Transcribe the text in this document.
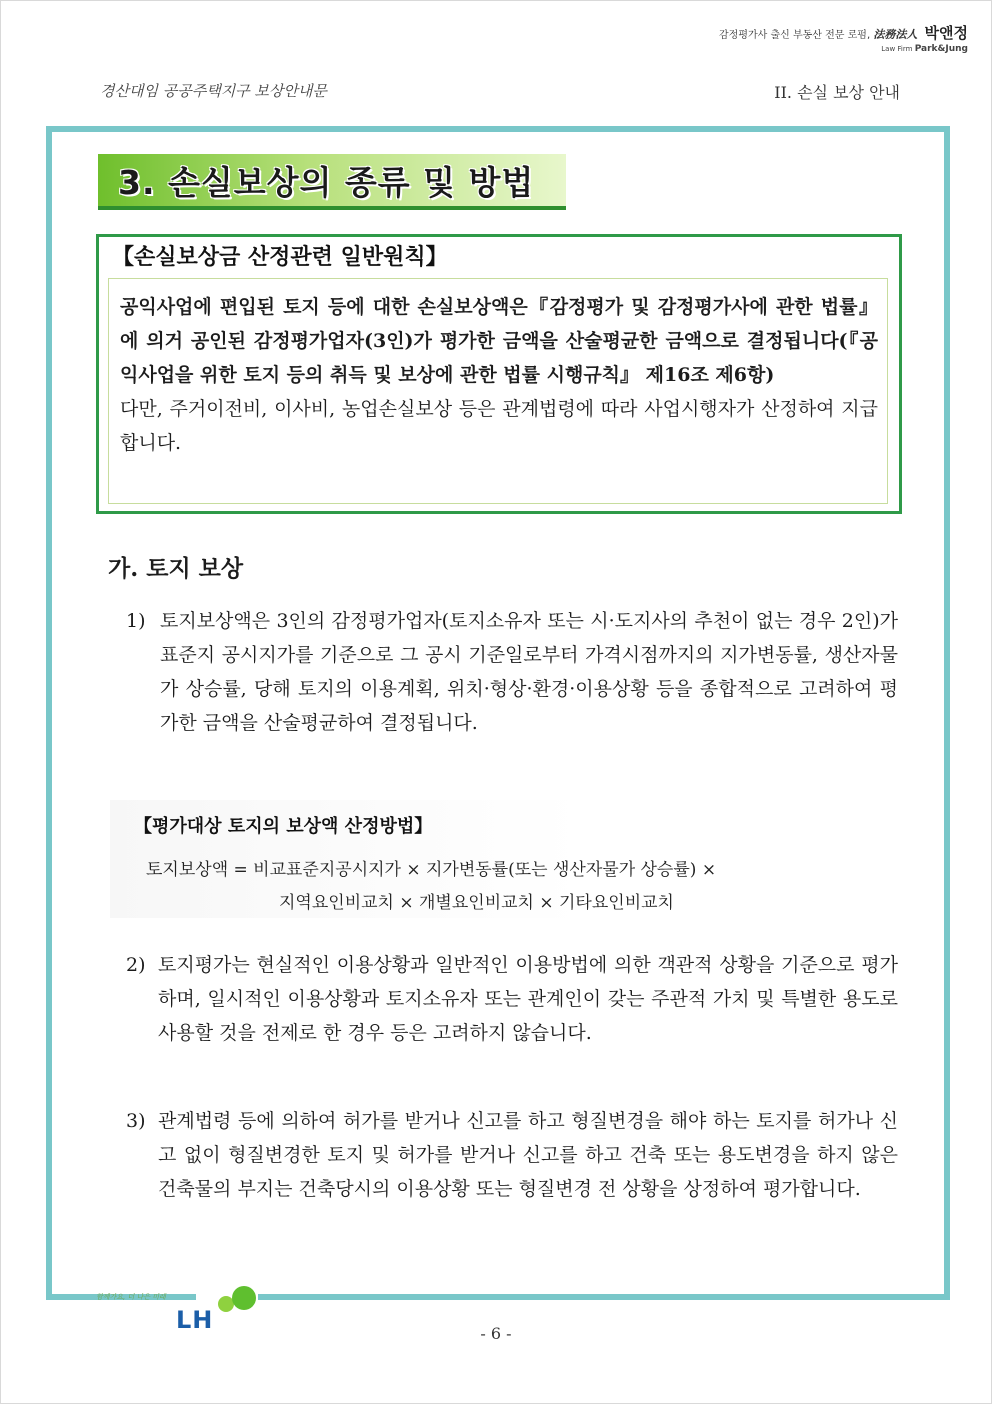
감정평가사 출신 부동산 전문 로펌, 法務法人 박앤정
Law Firm Park&Jung
경산대임 공공주택지구 보상안내문	II. 손실 보상 안내
3. 손실보상의 종류 및 방법
【손실보상금 산정관련 일반원칙】
공익사업에 편입된 토지 등에 대한 손실보상액은『감정평가 및 감정평가사에 관한 법률』에 의거 공인된 감정평가업자(3인)가 평가한 금액을 산술평균한 금액으로 결정됩니다(『공익사업을 위한 토지 등의 취득 및 보상에 관한 법률 시행규칙』 제16조 제6항)
다만, 주거이전비, 이사비, 농업손실보상 등은 관계법령에 따라 사업시행자가 산정하여 지급합니다.
가. 토지 보상
1) 토지보상액은 3인의 감정평가업자(토지소유자 또는 시·도지사의 추천이 없는 경우 2인)가 표준지 공시지가를 기준으로 그 공시 기준일로부터 가격시점까지의 지가변동률, 생산자물가 상승률, 당해 토지의 이용계획, 위치·형상·환경·이용상황 등을 종합적으로 고려하여 평가한 금액을 산술평균하여 결정됩니다.
【평가대상 토지의 보상액 산정방법】
토지보상액 = 비교표준지공시지가 × 지가변동률(또는 생산자물가 상승률) ×
지역요인비교치 × 개별요인비교치 × 기타요인비교치
2) 토지평가는 현실적인 이용상황과 일반적인 이용방법에 의한 객관적 상황을 기준으로 평가하며, 일시적인 이용상황과 토지소유자 또는 관계인이 갖는 주관적 가치 및 특별한 용도로 사용할 것을 전제로 한 경우 등은 고려하지 않습니다.
3) 관계법령 등에 의하여 허가를 받거나 신고를 하고 형질변경을 해야 하는 토지를 허가나 신고 없이 형질변경한 토지 및 허가를 받거나 신고를 하고 건축 또는 용도변경을 하지 않은 건축물의 부지는 건축당시의 이용상황 또는 형질변경 전 상황을 상정하여 평가합니다.
함께가요, 더 나은 미래
LH	- 6 -
